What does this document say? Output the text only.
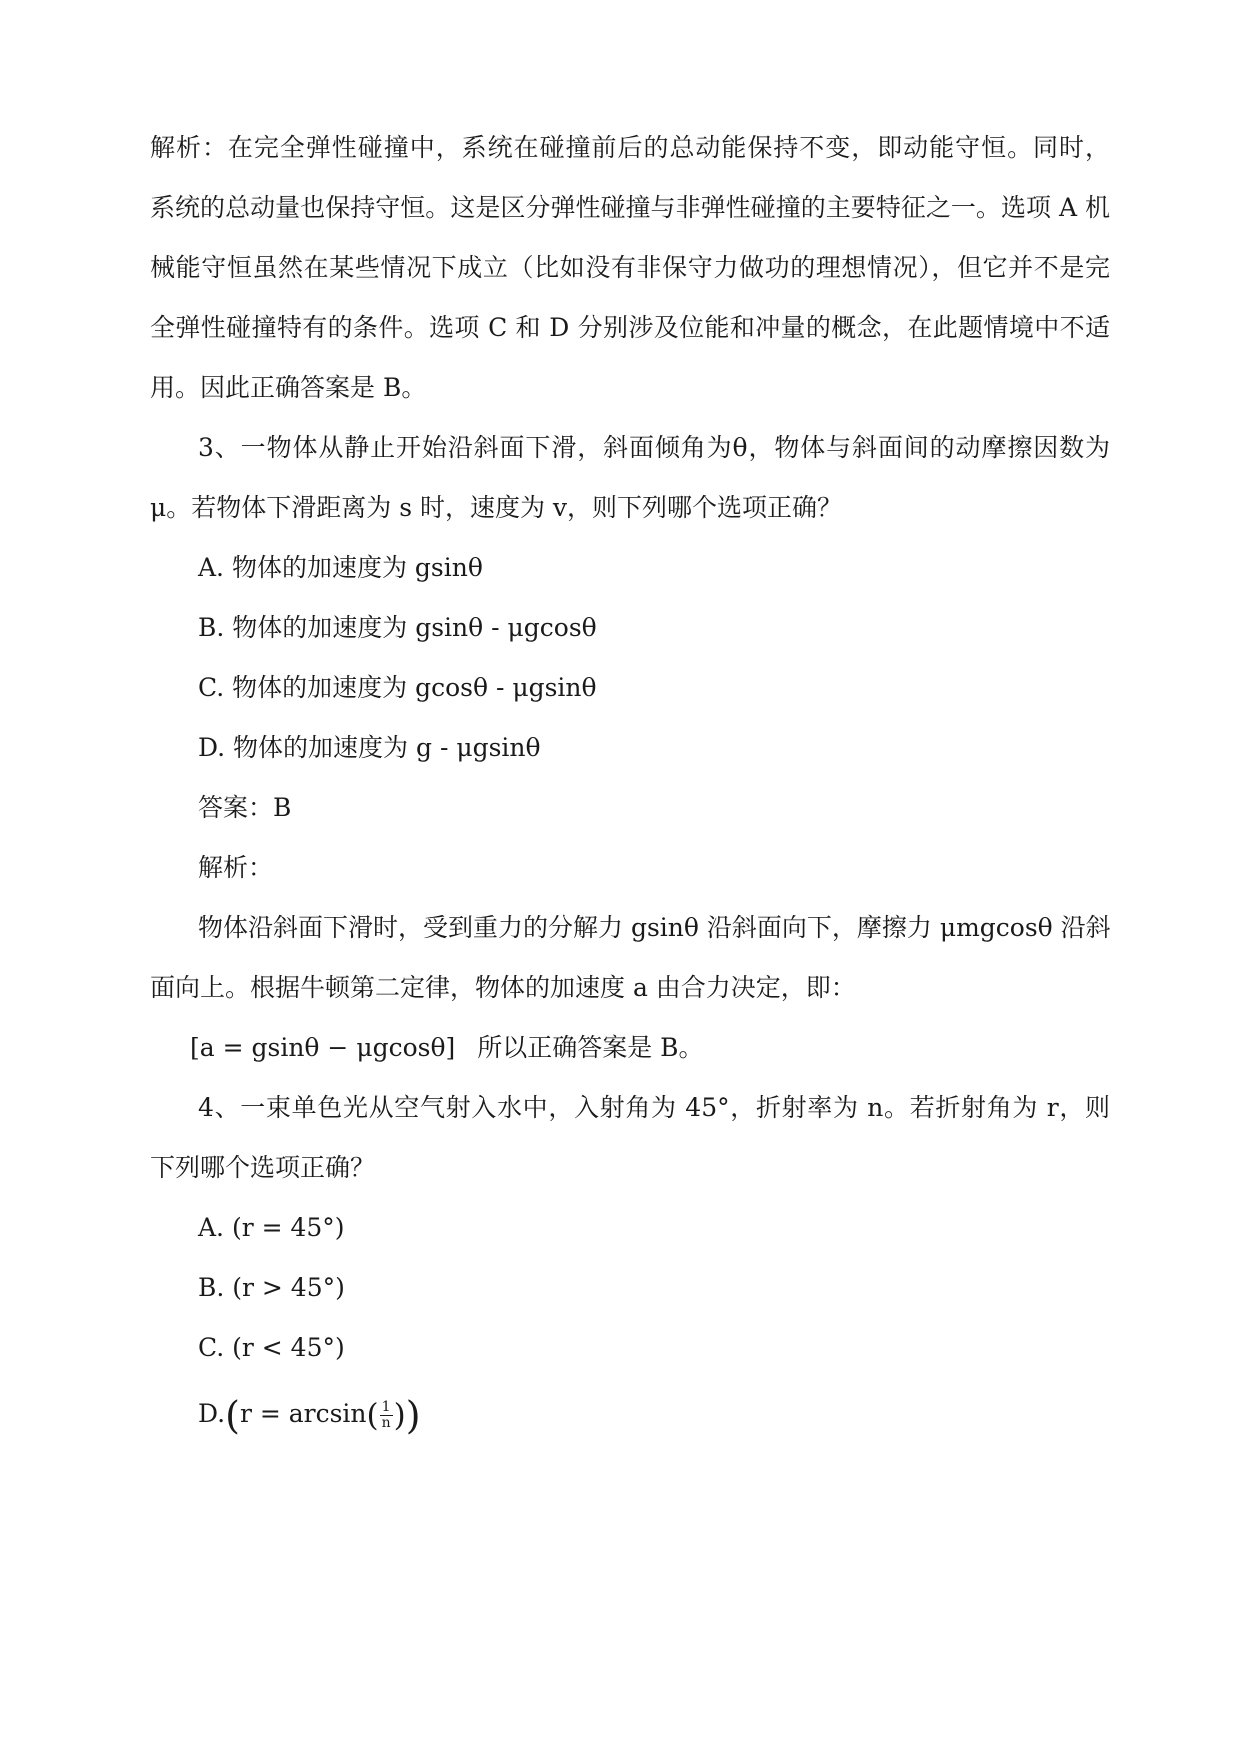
解析：在完全弹性碰撞中，系统在碰撞前后的总动能保持不变，即动能守恒。同时，
系统的总动量也保持守恒。这是区分弹性碰撞与非弹性碰撞的主要特征之一。选项 A 机
械能守恒虽然在某些情况下成立（比如没有非保守力做功的理想情况），但它并不是完
全弹性碰撞特有的条件。选项 C 和 D 分别涉及位能和冲量的概念，在此题情境中不适
用。因此正确答案是 B。
3、一物体从静止开始沿斜面下滑，斜面倾角为θ，物体与斜面间的动摩擦因数为
μ。若物体下滑距离为 s 时，速度为 v，则下列哪个选项正确？
A. 物体的加速度为 gsinθ
B. 物体的加速度为 gsinθ - μgcosθ
C. 物体的加速度为 gcosθ - μgsinθ
D. 物体的加速度为 g - μgsinθ
答案：B
解析：
物体沿斜面下滑时，受到重力的分解力 gsinθ 沿斜面向下，摩擦力 μmgcosθ 沿斜
面向上。根据牛顿第二定律，物体的加速度 a 由合力决定，即：
[a = gsinθ − μgcosθ] 所以正确答案是 B。
4、一束单色光从空气射入水中，入射角为 45°，折射率为 n。若折射角为 r，则
下列哪个选项正确？
A. (r = 45°)
B. (r > 45°)
C. (r < 45°)
$D.(r = \arcsin( \frac{1}{n}$ ))
